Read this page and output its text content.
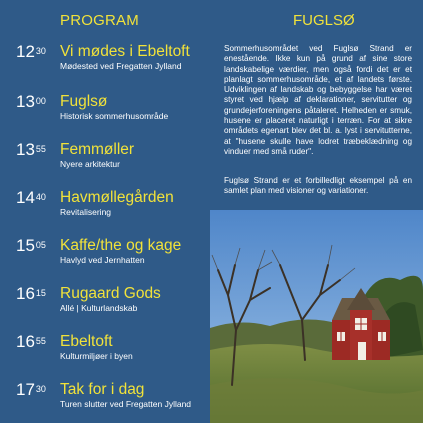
PROGRAM
$12^{30}$ Vi mødes i Ebeltoft
Mødested ved Fregatten Jylland
$13^{00}$ Fuglsø
Historisk sommerhusområde
$13^{55}$ Femmøller
Nyere arkitektur
$14^{40}$ Havmøllegården
Revitalisering
$15^{05}$ Kaffe/the og kage
Havlyd ved Jernhatten
$16^{15}$ Rugaard Gods
Allé | Kulturlandskab
$16^{55}$ Ebeltoft
Kulturmiljøer i byen
$17^{30}$ Tak for i dag
Turen slutter ved Fregatten Jylland
FUGLSØ

Sommerhusområdet ved Fuglsø Strand er enestående. Ikke kun på grund af sine store landskabelige værdier, men også fordi det er et planlagt sommerhusområde, et af landets første. Udviklingen af landskab og bebyggelse har været styret ved hjælp af deklarationer, servitutter og grundejerforeningens påtaleret. Helheden er smuk, husene er placeret naturligt i terræn. For at sikre områdets egenart blev det bl. a. lyst i servitutterne, at "husene skulle have lodret træbeklædning og vinduer med små ruder".

Fuglsø Strand er et forbilledligt eksempel på en samlet plan med visioner og variationer.
